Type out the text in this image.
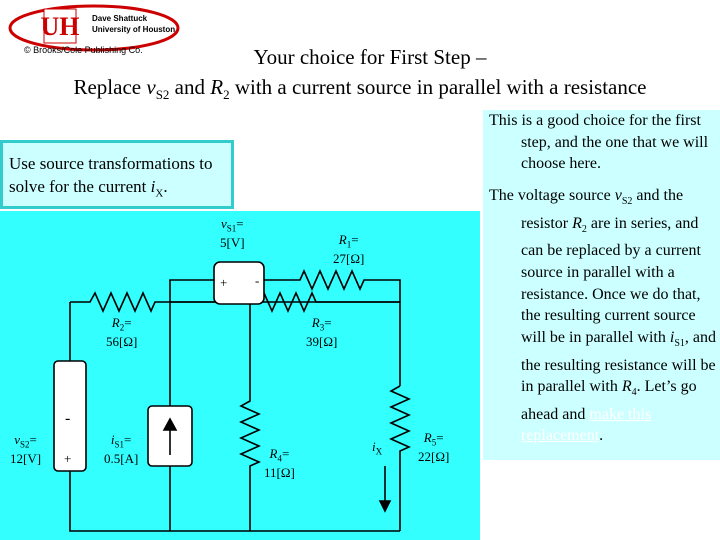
UH Dave Shattuck
University of Houston
© Brooks/Cole Publishing Co.	Your choice for First Step –
Replace $v_{S2}$ and $R_2$ with a current source in parallel with a resistance
$v_{S1}=$
5[V]	$R_1=$
27[Ω]
$R_2=$
56[Ω]
$R_3=$
39[Ω]
$R_4=$
11[Ω]
$R_5=$
22[Ω]
$v_{S2}=$
12[V]
$i_{S1}=$
0.5[A]
$i_X$
-
+
+ -
Use source transformations to solve for the current $i_X$.

This is a good choice for the first step, and the one that we will choose here.

The voltage source $v_{S2}$ and the resistor $R_2$ are in series, and can be replaced by a current source in parallel with a resistance. Once we do that, the resulting current source will be in parallel with $i_{S1}$, and the resulting resistance will be in parallel with $R_4$. Let’s go ahead and make this replacement.
